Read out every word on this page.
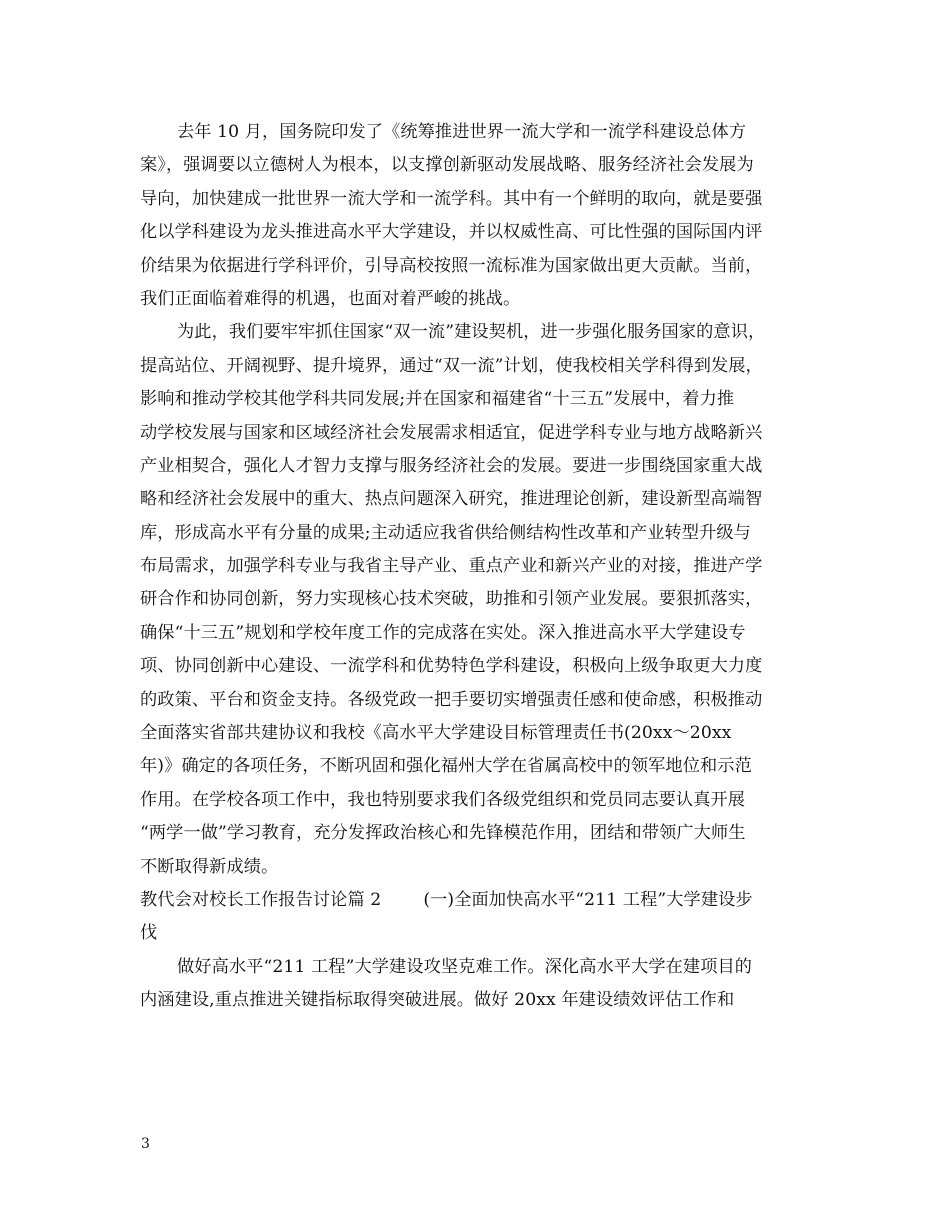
去年 10 月，国务院印发了《统筹推进世界一流大学和一流学科建设总体方
案》，强调要以立德树人为根本，以支撑创新驱动发展战略、服务经济社会发展为
导向，加快建成一批世界一流大学和一流学科。其中有一个鲜明的取向，就是要强
化以学科建设为龙头推进高水平大学建设，并以权威性高、可比性强的国际国内评
价结果为依据进行学科评价，引导高校按照一流标准为国家做出更大贡献。当前，
我们正面临着难得的机遇，也面对着严峻的挑战。
为此，我们要牢牢抓住国家“双一流”建设契机，进一步强化服务国家的意识，
提高站位、开阔视野、提升境界，通过“双一流”计划，使我校相关学科得到发展，
影响和推动学校其他学科共同发展;并在国家和福建省“十三五”发展中，着力推
动学校发展与国家和区域经济社会发展需求相适宜，促进学科专业与地方战略新兴
产业相契合，强化人才智力支撑与服务经济社会的发展。要进一步围绕国家重大战
略和经济社会发展中的重大、热点问题深入研究，推进理论创新，建设新型高端智
库，形成高水平有分量的成果;主动适应我省供给侧结构性改革和产业转型升级与
布局需求，加强学科专业与我省主导产业、重点产业和新兴产业的对接，推进产学
研合作和协同创新，努力实现核心技术突破，助推和引领产业发展。要狠抓落实，
确保“十三五”规划和学校年度工作的完成落在实处。深入推进高水平大学建设专
项、协同创新中心建设、一流学科和优势特色学科建设，积极向上级争取更大力度
的政策、平台和资金支持。各级党政一把手要切实增强责任感和使命感，积极推动
全面落实省部共建协议和我校《高水平大学建设目标管理责任书(20xx～20xx
年)》确定的各项任务，不断巩固和强化福州大学在省属高校中的领军地位和示范
作用。在学校各项工作中，我也特别要求我们各级党组织和党员同志要认真开展
“两学一做”学习教育，充分发挥政治核心和先锋模范作用，团结和带领广大师生
不断取得新成绩。
教代会对校长工作报告讨论篇 2 (一)全面加快高水平“211 工程”大学建设步
伐
做好高水平“211 工程”大学建设攻坚克难工作。深化高水平大学在建项目的
内涵建设,重点推进关键指标取得突破进展。做好 20xx 年建设绩效评估工作和
3
